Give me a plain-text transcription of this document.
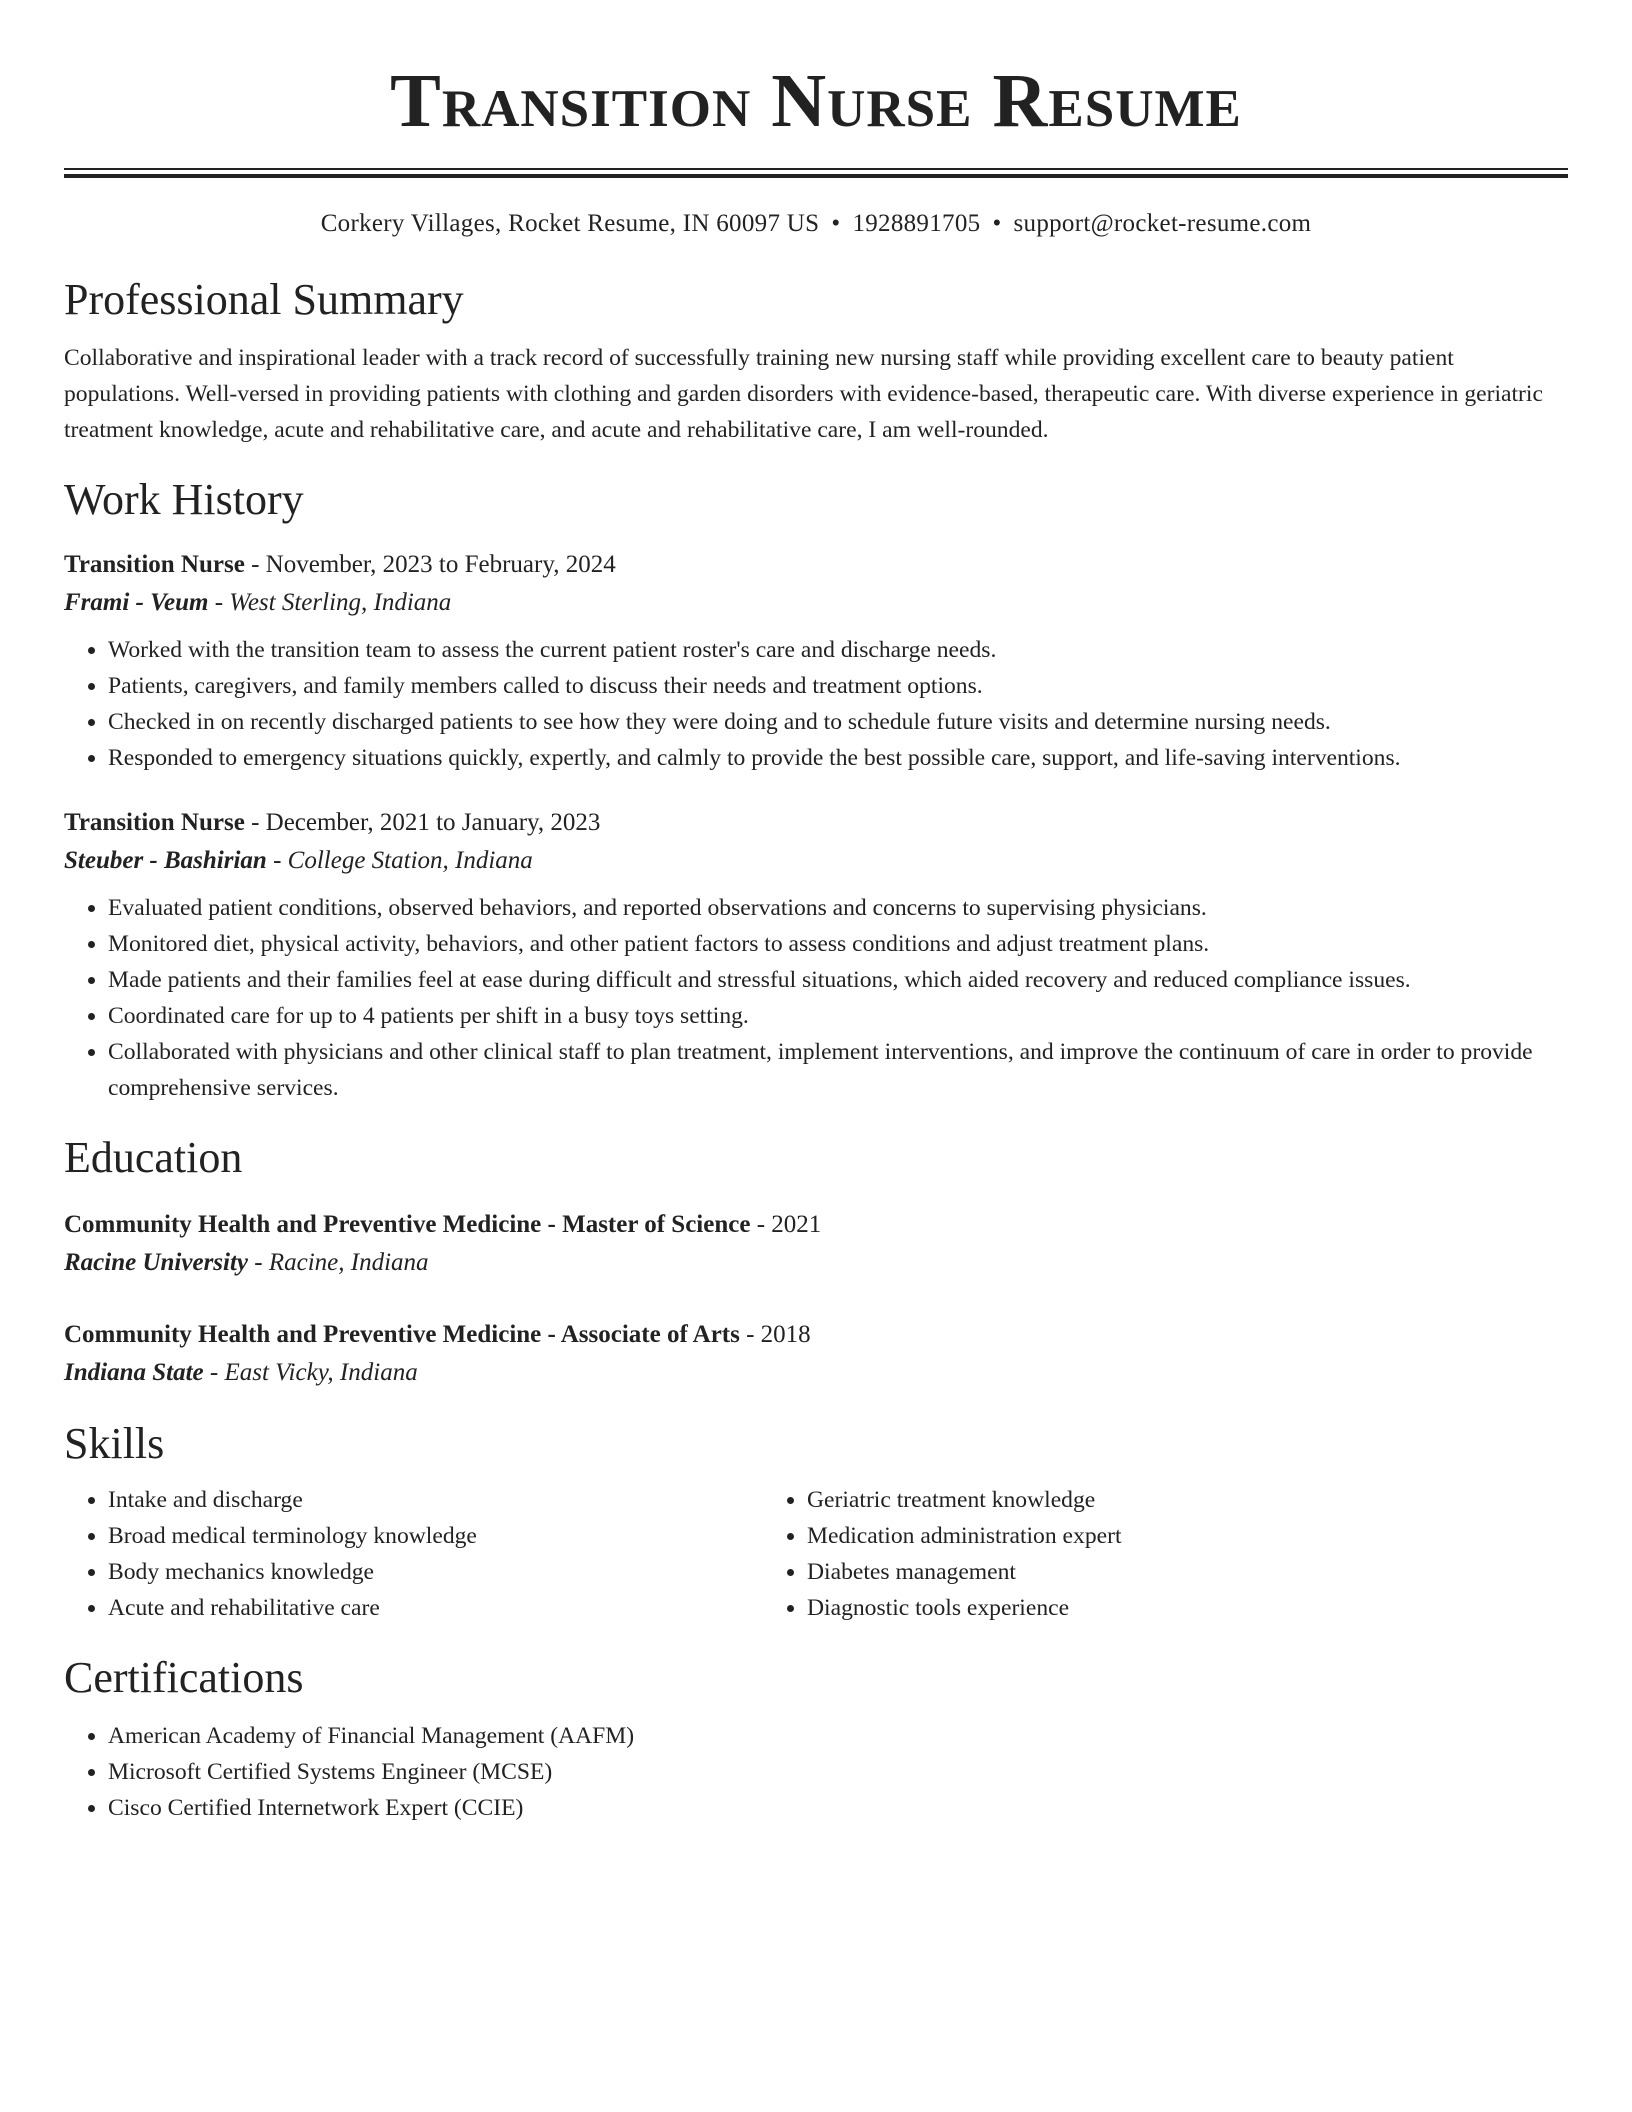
Transition Nurse Resume
Corkery Villages, Rocket Resume, IN 60097 US • 1928891705 • support@rocket-resume.com
Professional Summary
Collaborative and inspirational leader with a track record of successfully training new nursing staff while providing excellent care to beauty patient populations. Well-versed in providing patients with clothing and garden disorders with evidence-based, therapeutic care. With diverse experience in geriatric treatment knowledge, acute and rehabilitative care, and acute and rehabilitative care, I am well-rounded.
Work History
Transition Nurse - November, 2023 to February, 2024
Frami - Veum - West Sterling, Indiana
• Worked with the transition team to assess the current patient roster's care and discharge needs.
• Patients, caregivers, and family members called to discuss their needs and treatment options.
• Checked in on recently discharged patients to see how they were doing and to schedule future visits and determine nursing needs.
• Responded to emergency situations quickly, expertly, and calmly to provide the best possible care, support, and life-saving interventions.
Transition Nurse - December, 2021 to January, 2023
Steuber - Bashirian - College Station, Indiana
• Evaluated patient conditions, observed behaviors, and reported observations and concerns to supervising physicians.
• Monitored diet, physical activity, behaviors, and other patient factors to assess conditions and adjust treatment plans.
• Made patients and their families feel at ease during difficult and stressful situations, which aided recovery and reduced compliance issues.
• Coordinated care for up to 4 patients per shift in a busy toys setting.
• Collaborated with physicians and other clinical staff to plan treatment, implement interventions, and improve the continuum of care in order to provide comprehensive services.
Education
Community Health and Preventive Medicine - Master of Science - 2021
Racine University - Racine, Indiana
Community Health and Preventive Medicine - Associate of Arts - 2018
Indiana State - East Vicky, Indiana
Skills
• Intake and discharge
• Broad medical terminology knowledge
• Body mechanics knowledge
• Acute and rehabilitative care
• Geriatric treatment knowledge
• Medication administration expert
• Diabetes management
• Diagnostic tools experience
Certifications
• American Academy of Financial Management (AAFM)
• Microsoft Certified Systems Engineer (MCSE)
• Cisco Certified Internetwork Expert (CCIE)
